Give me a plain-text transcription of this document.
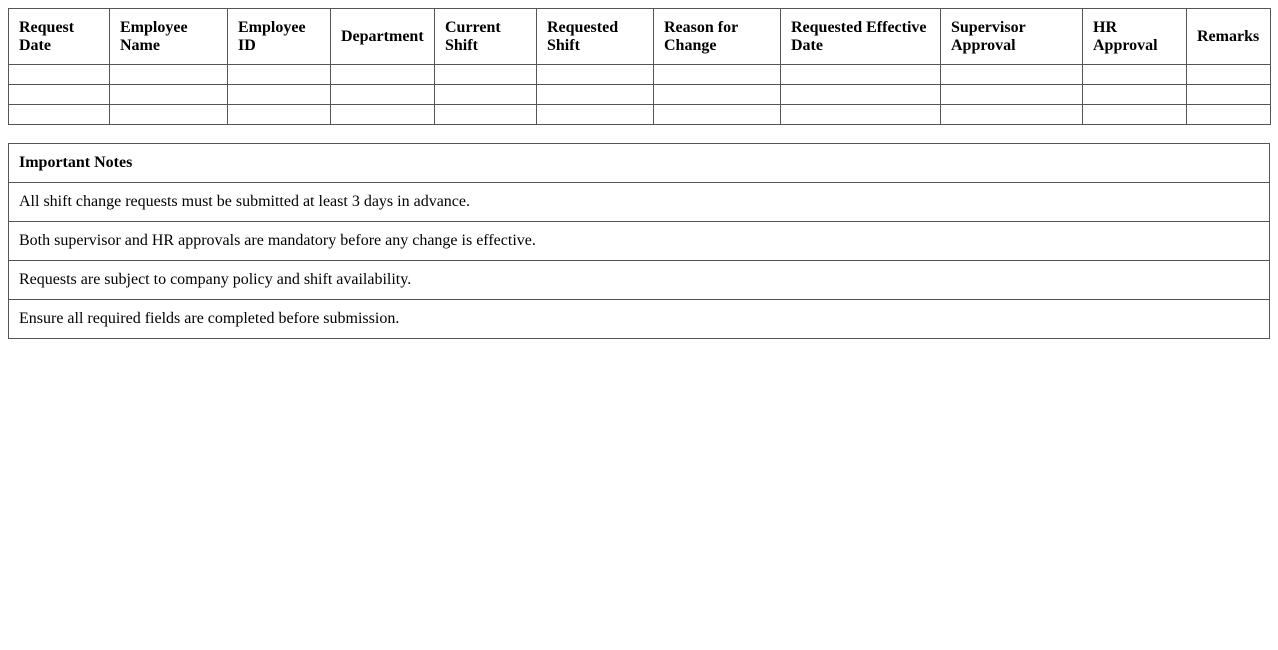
Request Date	Employee Name	Employee ID	Department	Current Shift	Requested Shift	Reason for Change	Requested Effective Date	Supervisor Approval	HR Approval	Remarks

Important Notes
All shift change requests must be submitted at least 3 days in advance.
Both supervisor and HR approvals are mandatory before any change is effective.
Requests are subject to company policy and shift availability.
Ensure all required fields are completed before submission.
